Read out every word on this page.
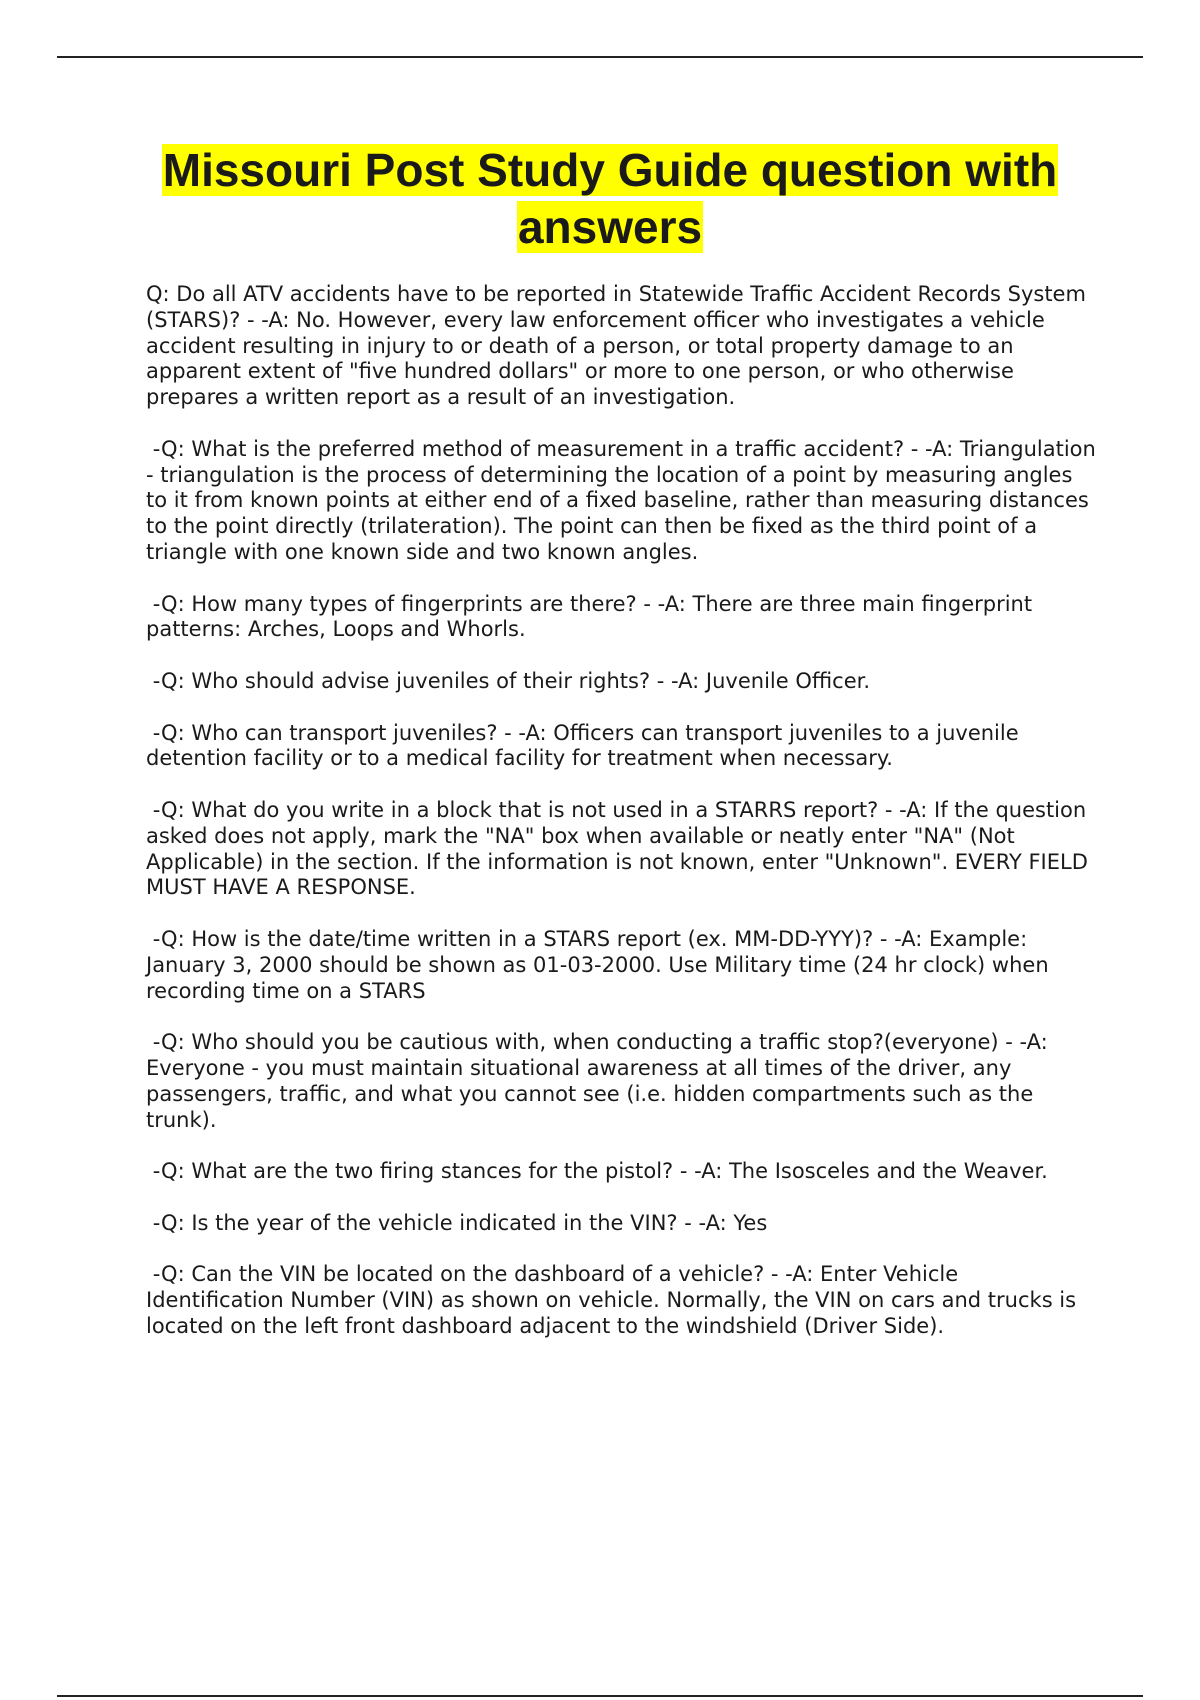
Missouri Post Study Guide question with answers

Q: Do all ATV accidents have to be reported in Statewide Traffic Accident Records System (STARS)? - -A: No. However, every law enforcement officer who investigates a vehicle accident resulting in injury to or death of a person, or total property damage to an apparent extent of "five hundred dollars" or more to one person, or who otherwise prepares a written report as a result of an investigation.

-Q: What is the preferred method of measurement in a traffic accident? - -A: Triangulation - triangulation is the process of determining the location of a point by measuring angles to it from known points at either end of a fixed baseline, rather than measuring distances to the point directly (trilateration). The point can then be fixed as the third point of a triangle with one known side and two known angles.

-Q: How many types of fingerprints are there? - -A: There are three main fingerprint patterns: Arches, Loops and Whorls.

-Q: Who should advise juveniles of their rights? - -A: Juvenile Officer.

-Q: Who can transport juveniles? - -A: Officers can transport juveniles to a juvenile detention facility or to a medical facility for treatment when necessary.

-Q: What do you write in a block that is not used in a STARRS report? - -A: If the question asked does not apply, mark the "NA" box when available or neatly enter "NA" (Not Applicable) in the section. If the information is not known, enter "Unknown". EVERY FIELD MUST HAVE A RESPONSE.

-Q: How is the date/time written in a STARS report (ex. MM-DD-YYY)? - -A: Example: January 3, 2000 should be shown as 01-03-2000. Use Military time (24 hr clock) when recording time on a STARS

-Q: Who should you be cautious with, when conducting a traffic stop?(everyone) - -A: Everyone - you must maintain situational awareness at all times of the driver, any passengers, traffic, and what you cannot see (i.e. hidden compartments such as the trunk).

-Q: What are the two firing stances for the pistol? - -A: The Isosceles and the Weaver.

-Q: Is the year of the vehicle indicated in the VIN? - -A: Yes

-Q: Can the VIN be located on the dashboard of a vehicle? - -A: Enter Vehicle Identification Number (VIN) as shown on vehicle. Normally, the VIN on cars and trucks is located on the left front dashboard adjacent to the windshield (Driver Side).
